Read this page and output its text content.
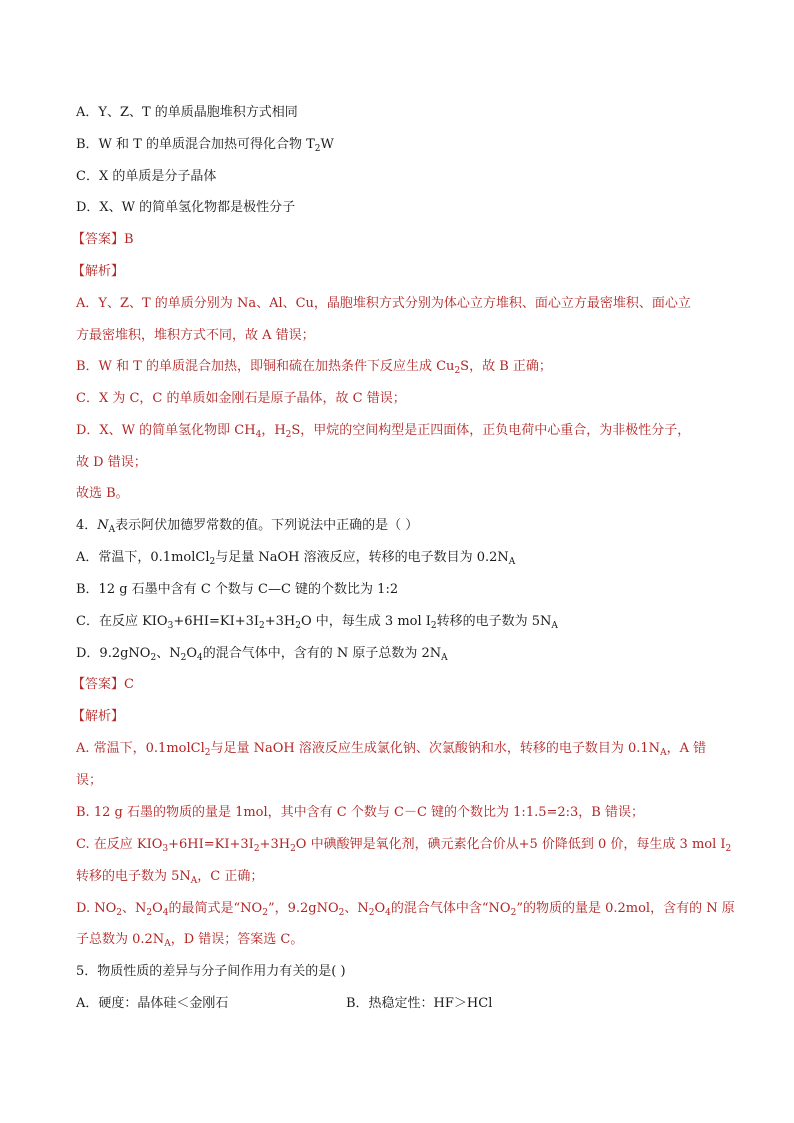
A．Y、Z、T 的单质晶胞堆积方式相同
B．W 和 T 的单质混合加热可得化合物 $T_2W$
C．X 的单质是分子晶体
D．X、W 的简单氢化物都是极性分子
【答案】B
【解析】
A．Y、Z、T 的单质分别为 Na、Al、Cu，晶胞堆积方式分别为体心立方堆积、面心立方最密堆积、面心立
方最密堆积，堆积方式不同，故 A 错误；
B．W 和 T 的单质混合加热，即铜和硫在加热条件下反应生成 $Cu_2S$，故 B 正确；
C．X 为 C，C 的单质如金刚石是原子晶体，故 C 错误；
D．X、W 的简单氢化物即 $CH_4$，$H_2S$，甲烷的空间构型是正四面体，正负电荷中心重合，为非极性分子，
故 D 错误；
故选 B。
4．$N_A$表示阿伏加德罗常数的值。下列说法中正确的是（ ）
A．常温下，0.1molCl$_2$与足量 NaOH 溶液反应，转移的电子数目为 $0.2N_A$
B．12 g 石墨中含有 C 个数与 C—C 键的个数比为 1:2
C．在反应 $KIO_3+6HI=KI+3I_2+3H_2O$ 中，每生成 3 mol $I_2$转移的电子数为 $5N_A$
D．9.2gNO$_2$、$N_2O_4$的混合气体中，含有的 N 原子总数为 $2N_A$
【答案】C
【解析】
A. 常温下，0.1molCl$_2$与足量 NaOH 溶液反应生成氯化钠、次氯酸钠和水，转移的电子数目为 $0.1N_A$，A 错
误；
B. 12 g 石墨的物质的量是 1mol，其中含有 C 个数与 C－C 键的个数比为 1:1.5=2:3，B 错误；
C. 在反应 $KIO_3+6HI=KI+3I_2+3H_2O$ 中碘酸钾是氧化剂，碘元素化合价从+5 价降低到 0 价，每生成 3 mol $I_2$
转移的电子数为 $5N_A$，C 正确；
D. $NO_2$、$N_2O_4$的最简式是“$NO_2$”，9.2gNO$_2$、$N_2O_4$的混合气体中含“$NO_2$”的物质的量是 0.2mol，含有的 N 原
子总数为 $0.2N_A$，D 错误；答案选 C。
5．物质性质的差异与分子间作用力有关的是( )
A．硬度：晶体硅＜金刚石	B．热稳定性：HF＞HCl
